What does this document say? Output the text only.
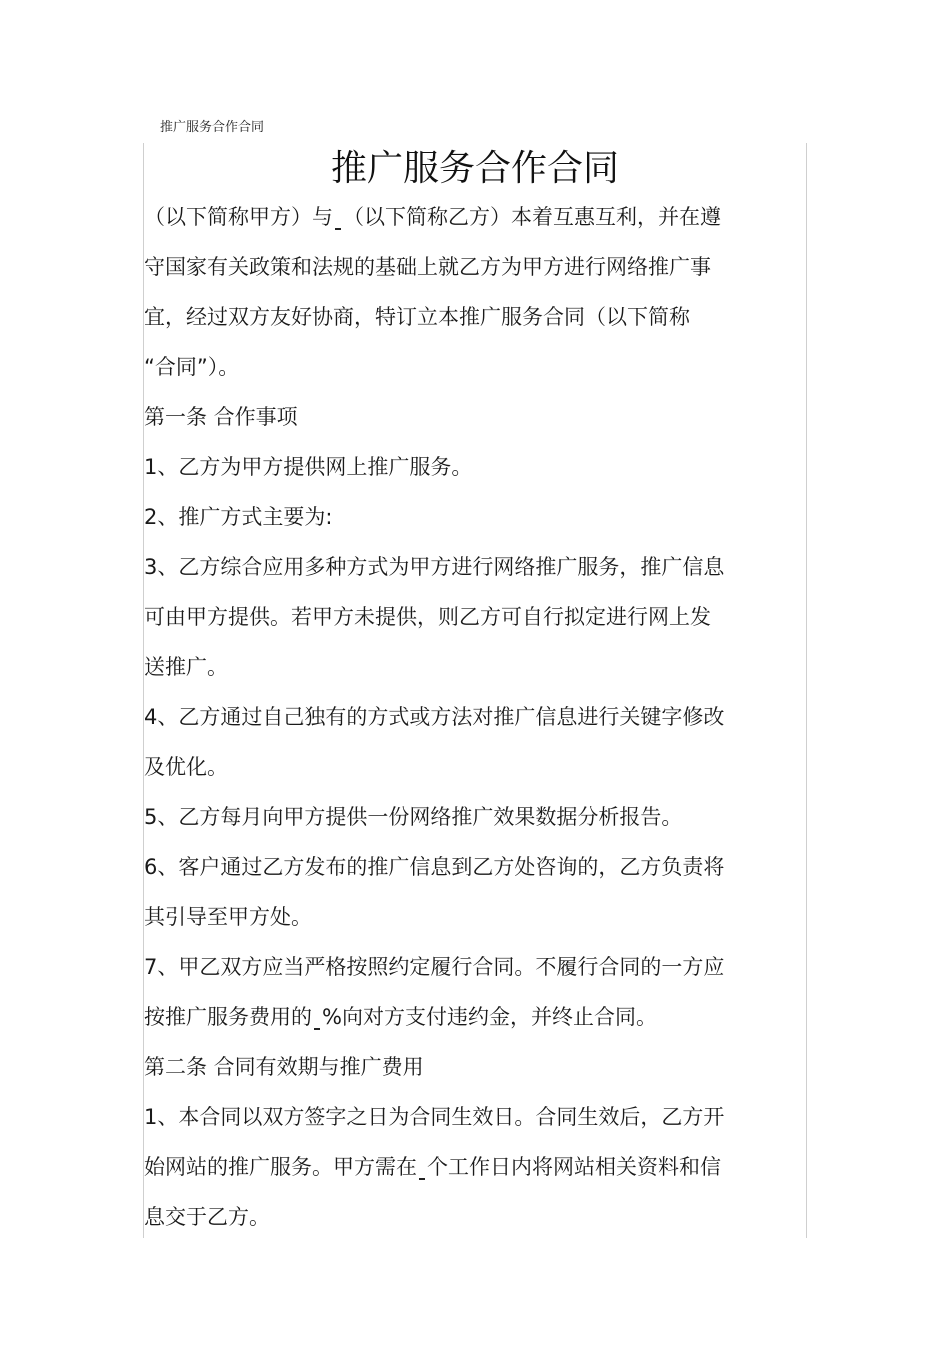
推广服务合作合同
推广服务合作合同
（以下简称甲方）与 （以下简称乙方）本着互惠互利，并在遵
守国家有关政策和法规的基础上就乙方为甲方进行网络推广事
宜，经过双方友好协商，特订立本推广服务合同（以下简称
“合同”）。
第一条 合作事项
1、乙方为甲方提供网上推广服务。
2、推广方式主要为:
3、乙方综合应用多种方式为甲方进行网络推广服务，推广信息
可由甲方提供。若甲方未提供，则乙方可自行拟定进行网上发
送推广。
4、乙方通过自己独有的方式或方法对推广信息进行关键字修改
及优化。
5、乙方每月向甲方提供一份网络推广效果数据分析报告。
6、客户通过乙方发布的推广信息到乙方处咨询的，乙方负责将
其引导至甲方处。
7、甲乙双方应当严格按照约定履行合同。不履行合同的一方应
按推广服务费用的 %向对方支付违约金，并终止合同。
第二条 合同有效期与推广费用
1、本合同以双方签字之日为合同生效日。合同生效后，乙方开
始网站的推广服务。甲方需在 个工作日内将网站相关资料和信
息交于乙方。
